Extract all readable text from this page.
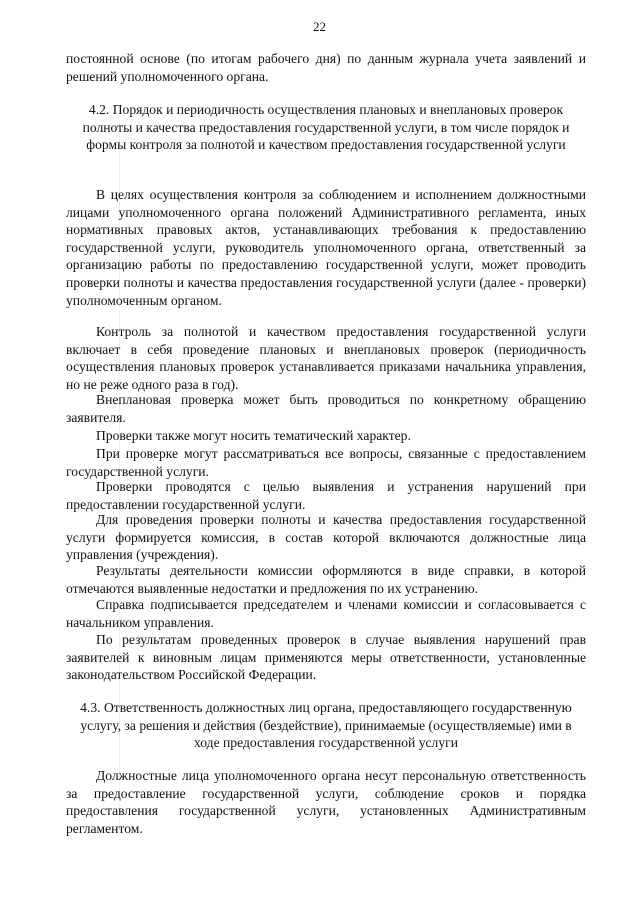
22

постоянной основе (по итогам рабочего дня) по данным журнала учета заявлений и решений уполномоченного органа.

4.2. Порядок и периодичность осуществления плановых и внеплановых проверок полноты и качества предоставления государственной услуги, в том числе порядок и формы контроля за полнотой и качеством предоставления государственной услуги

В целях осуществления контроля за соблюдением и исполнением должностными лицами уполномоченного органа положений Административного регламента, иных нормативных правовых актов, устанавливающих требования к предоставлению государственной услуги, руководитель уполномоченного органа, ответственный за организацию работы по предоставлению государственной услуги, может проводить проверки полноты и качества предоставления государственной услуги (далее - проверки) уполномоченным органом.

Контроль за полнотой и качеством предоставления государственной услуги включает в себя проведение плановых и внеплановых проверок (периодичность осуществления плановых проверок устанавливается приказами начальника управления, но не реже одного раза в год).

Внеплановая проверка может быть проводиться по конкретному обращению заявителя.

Проверки также могут носить тематический характер.

При проверке могут рассматриваться все вопросы, связанные с предоставлением государственной услуги.

Проверки проводятся с целью выявления и устранения нарушений при предоставлении государственной услуги.

Для проведения проверки полноты и качества предоставления государственной услуги формируется комиссия, в состав которой включаются должностные лица управления (учреждения).

Результаты деятельности комиссии оформляются в виде справки, в которой отмечаются выявленные недостатки и предложения по их устранению.

Справка подписывается председателем и членами комиссии и согласовывается с начальником управления.

По результатам проведенных проверок в случае выявления нарушений прав заявителей к виновным лицам применяются меры ответственности, установленные законодательством Российской Федерации.

4.3. Ответственность должностных лиц органа, предоставляющего государственную услугу, за решения и действия (бездействие), принимаемые (осуществляемые) ими в ходе предоставления государственной услуги

Должностные лица уполномоченного органа несут персональную ответственность за предоставление государственной услуги, соблюдение сроков и порядка предоставления государственной услуги, установленных Административным регламентом.
